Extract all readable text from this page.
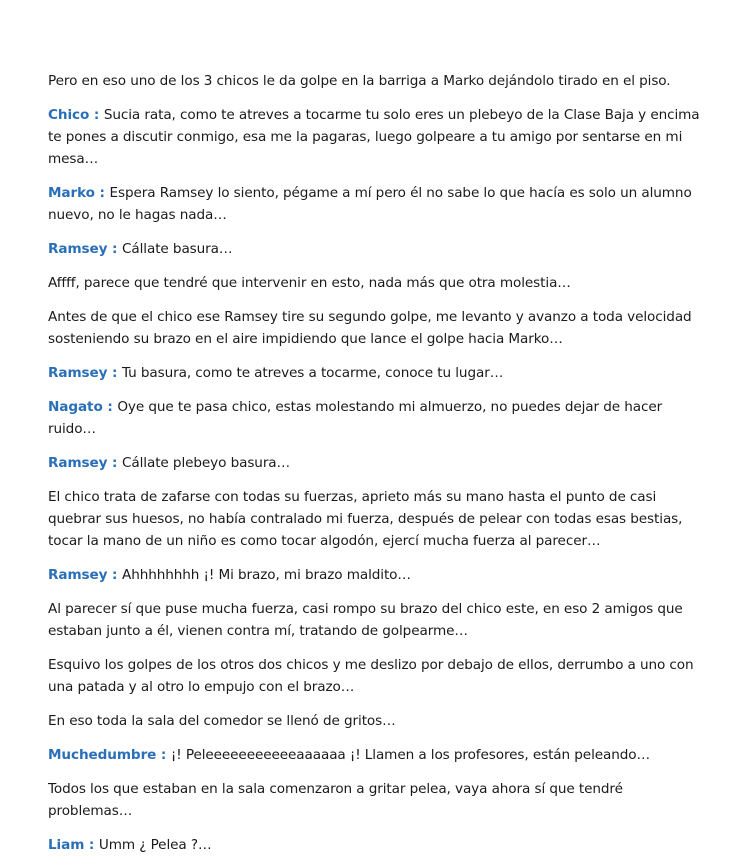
Pero en eso uno de los 3 chicos le da golpe en la barriga a Marko dejándolo tirado en el piso.

Chico : Sucia rata, como te atreves a tocarme tu solo eres un plebeyo de la Clase Baja y encima te pones a discutir conmigo, esa me la pagaras, luego golpeare a tu amigo por sentarse en mi mesa…

Marko : Espera Ramsey lo siento, pégame a mí pero él no sabe lo que hacía es solo un alumno nuevo, no le hagas nada…

Ramsey : Cállate basura…

Affff, parece que tendré que intervenir en esto, nada más que otra molestia…

Antes de que el chico ese Ramsey tire su segundo golpe, me levanto y avanzo a toda velocidad sosteniendo su brazo en el aire impidiendo que lance el golpe hacia Marko…

Ramsey : Tu basura, como te atreves a tocarme, conoce tu lugar…

Nagato : Oye que te pasa chico, estas molestando mi almuerzo, no puedes dejar de hacer ruido…

Ramsey : Cállate plebeyo basura…

El chico trata de zafarse con todas su fuerzas, aprieto más su mano hasta el punto de casi quebrar sus huesos, no había contralado mi fuerza, después de pelear con todas esas bestias, tocar la mano de un niño es como tocar algodón, ejercí mucha fuerza al parecer…

Ramsey : Ahhhhhhhh ¡! Mi brazo, mi brazo maldito…

Al parecer sí que puse mucha fuerza, casi rompo su brazo del chico este, en eso 2 amigos que estaban junto a él, vienen contra mí, tratando de golpearme…

Esquivo los golpes de los otros dos chicos y me deslizo por debajo de ellos, derrumbo a uno con una patada y al otro lo empujo con el brazo…

En eso toda la sala del comedor se llenó de gritos…

Muchedumbre : ¡! Peleeeeeeeeeeeaaaaaa ¡! Llamen a los profesores, están peleando…

Todos los que estaban en la sala comenzaron a gritar pelea, vaya ahora sí que tendré problemas…

Liam : Umm ¿ Pelea ?…
